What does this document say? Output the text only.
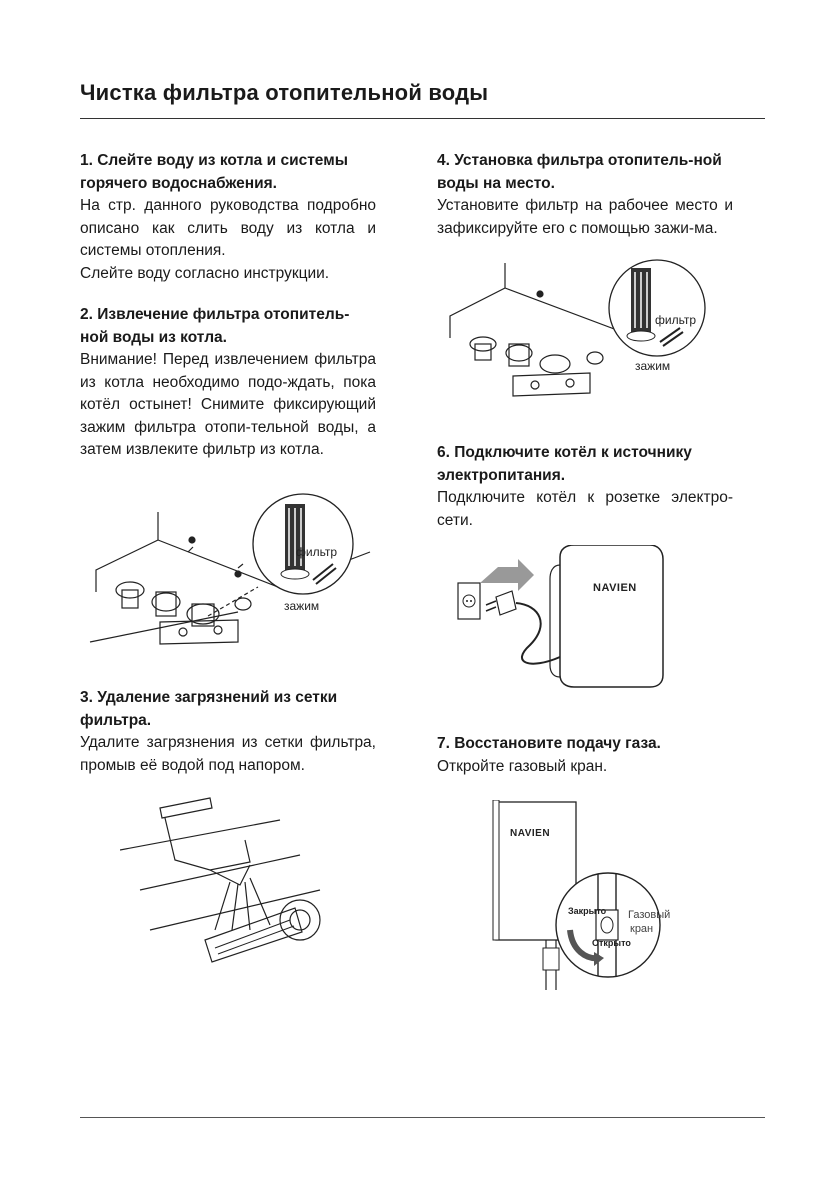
Чистка фильтра отопительной воды
1. Слейте воду из котла и системы горячего водоснабжения.

На стр. данного руководства подробно описано как слить воду из котла и системы отопления.

Слейте воду согласно инструкции.

2. Извлечение фильтра отопитель-ной воды из котла.

Внимание! Перед извлечением фильтра из котла необходимо подо-ждать, пока котёл остынет! Снимите фиксирующий зажим фильтра отопи-тельной воды, а затем извлеките фильтр из котла.

фильтр
зажим
3. Удаление загрязнений из сетки фильтра.

Удалите загрязнения из сетки фильтра, промыв её водой под напором.

4. Установка фильтра отопитель-ной воды на место.

Установите фильтр на рабочее место и зафиксируйте его с помощью зажи-ма.

фильтр
зажим
6. Подключите котёл к источнику электропитания.

Подключите котёл к розетке электро-сети.

NAVIEN
7. Восстановите подачу газа.

Откройте газовый кран.

NAVIEN
Закрыто
Открыто
Газовый
кран
